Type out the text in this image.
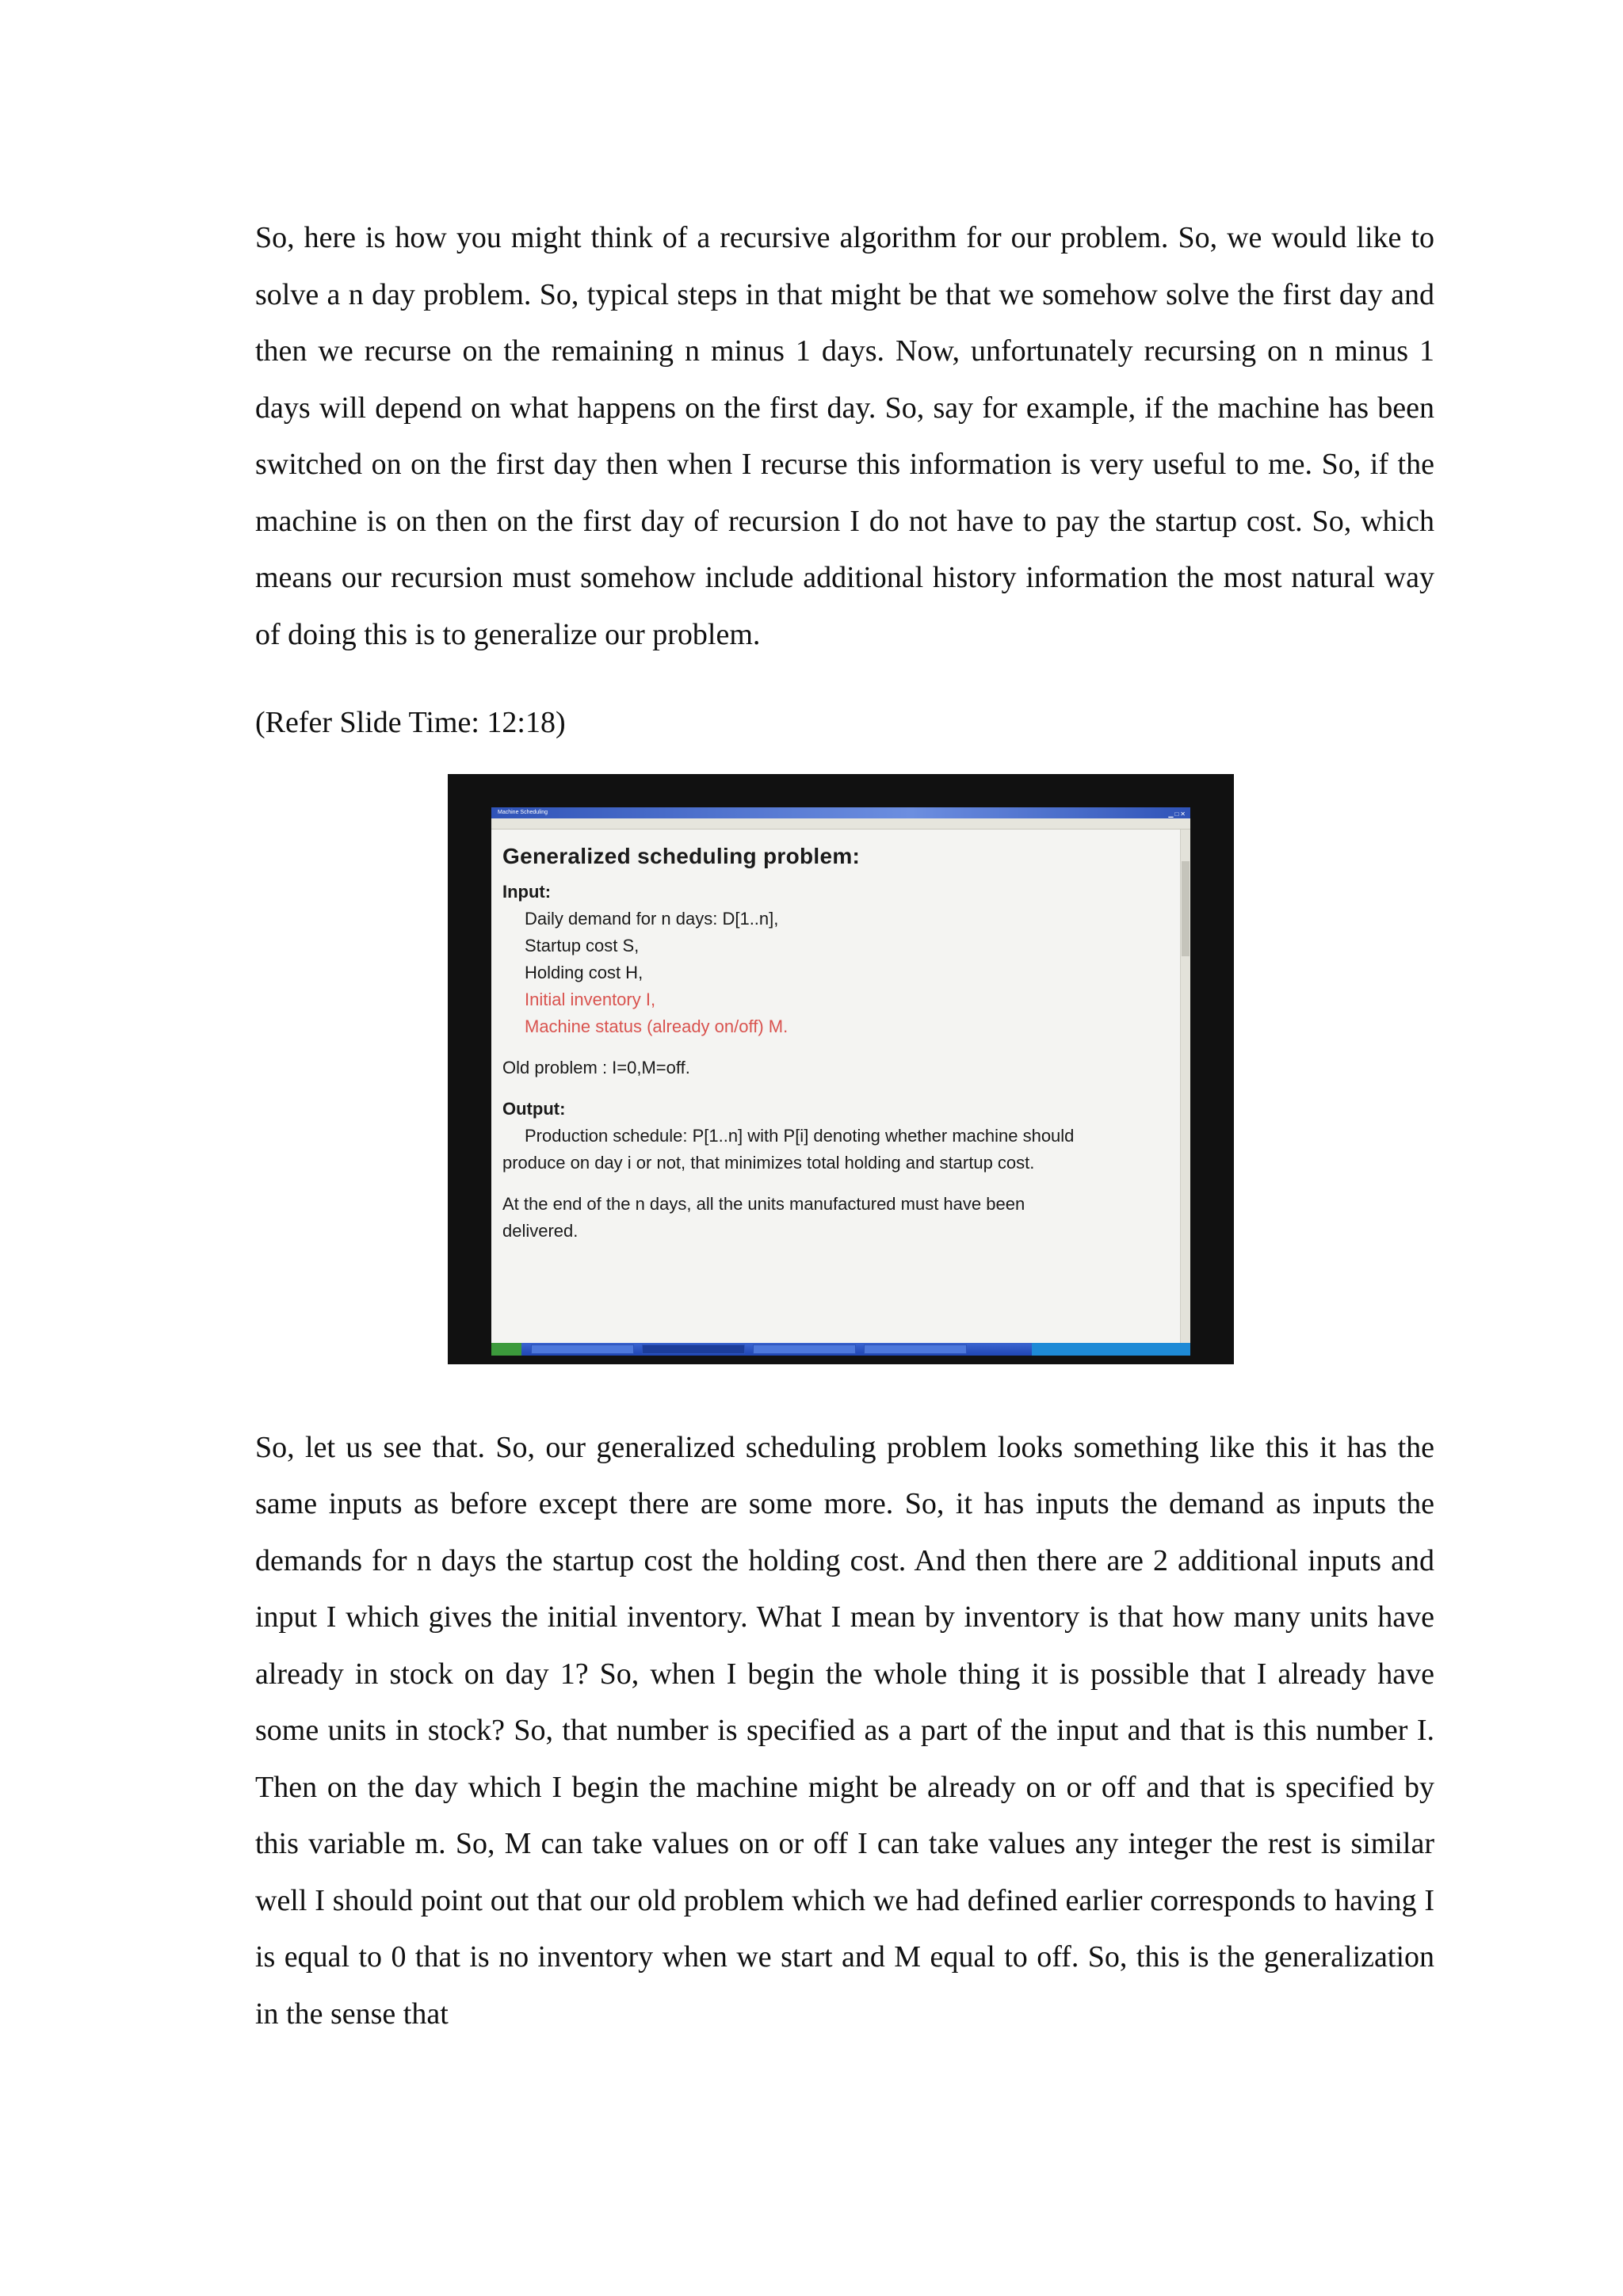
So, here is how you might think of a recursive algorithm for our problem. So, we would like to solve a n day problem. So, typical steps in that might be that we somehow solve the first day and then we recurse on the remaining n minus 1 days. Now, unfortunately recursing on n minus 1 days will depend on what happens on the first day. So, say for example, if the machine has been switched on on the first day then when I recurse this information is very useful to me. So, if the machine is on then on the first day of recursion I do not have to pay the startup cost. So, which means our recursion must somehow include additional history information the most natural way of doing this is to generalize our problem.

(Refer Slide Time: 12:18)

Machine Scheduling	▁□✕

Generalized scheduling problem:

Input:

Daily demand for n days: D[1..n],

Startup cost S,

Holding cost H,

Initial inventory I,

Machine status (already on/off) M.

Old problem : I=0,M=off.

Output:

Production schedule: P[1..n] with P[i] denoting whether machine should

produce on day i or not, that minimizes total holding and startup cost.

At the end of the n days, all the units manufactured must have been

delivered.

So, let us see that. So, our generalized scheduling problem looks something like this it has the same inputs as before except there are some more. So, it has inputs the demand as inputs the demands for n days the startup cost the holding cost. And then there are 2 additional inputs and input I which gives the initial inventory. What I mean by inventory is that how many units have already in stock on day 1? So, when I begin the whole thing it is possible that I already have some units in stock? So, that number is specified as a part of the input and that is this number I. Then on the day which I begin the machine might be already on or off and that is specified by this variable m. So, M can take values on or off I can take values any integer the rest is similar well I should point out that our old problem which we had defined earlier corresponds to having I is equal to 0 that is no inventory when we start and M equal to off. So, this is the generalization in the sense that
